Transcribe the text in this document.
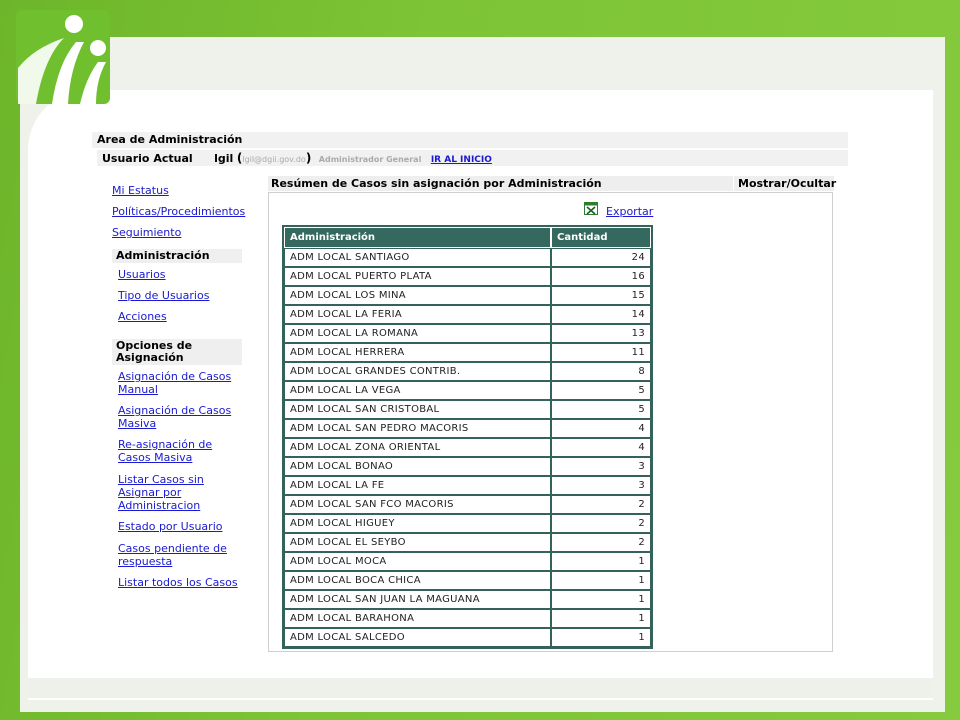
Area de Administración
Usuario Actual lgil (lgil@dgii.gov.do) Administrador General IR AL INICIO
Mi Estatus
Políticas/Procedimientos
Seguimiento
Administración
Usuarios
Tipo de Usuarios
Acciones
Opciones de Asignación
Asignación de Casos Manual
Asignación de Casos Masiva
Re-asignación de Casos Masiva
Listar Casos sin Asignar por Administracion
Estado por Usuario
Casos pendiente de respuesta
Listar todos los Casos
Resúmen de Casos sin asignación por Administración	Mostrar/Ocultar
Exportar
Administración	Cantidad
ADM LOCAL SANTIAGO	24
ADM LOCAL PUERTO PLATA	16
ADM LOCAL LOS MINA	15
ADM LOCAL LA FERIA	14
ADM LOCAL LA ROMANA	13
ADM LOCAL HERRERA	11
ADM LOCAL GRANDES CONTRIB.	8
ADM LOCAL LA VEGA	5
ADM LOCAL SAN CRISTOBAL	5
ADM LOCAL SAN PEDRO MACORIS	4
ADM LOCAL ZONA ORIENTAL	4
ADM LOCAL BONAO	3
ADM LOCAL LA FE	3
ADM LOCAL SAN FCO MACORIS	2
ADM LOCAL HIGUEY	2
ADM LOCAL EL SEYBO	2
ADM LOCAL MOCA	1
ADM LOCAL BOCA CHICA	1
ADM LOCAL SAN JUAN LA MAGUANA	1
ADM LOCAL BARAHONA	1
ADM LOCAL SALCEDO	1
